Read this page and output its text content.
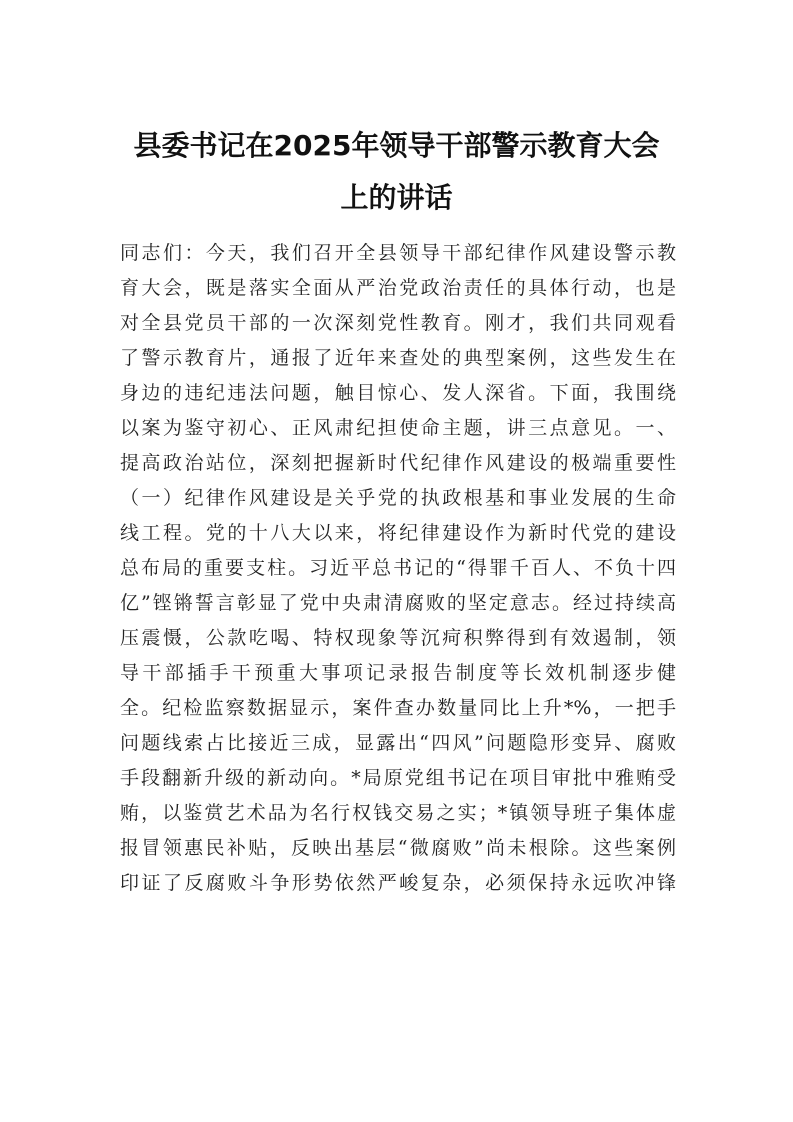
县委书记在2025年领导干部警示教育大会
上的讲话
同志们：今天，我们召开全县领导干部纪律作风建设警示教
育大会，既是落实全面从严治党政治责任的具体行动，也是
对全县党员干部的一次深刻党性教育。刚才，我们共同观看
了警示教育片，通报了近年来查处的典型案例，这些发生在
身边的违纪违法问题，触目惊心、发人深省。下面，我围绕
以案为鉴守初心、正风肃纪担使命主题，讲三点意见。一、
提高政治站位，深刻把握新时代纪律作风建设的极端重要性
（一）纪律作风建设是关乎党的执政根基和事业发展的生命
线工程。党的十八大以来，将纪律建设作为新时代党的建设
总布局的重要支柱。习近平总书记的“得罪千百人、不负十四
亿”铿锵誓言彰显了党中央肃清腐败的坚定意志。经过持续高
压震慑，公款吃喝、特权现象等沉疴积弊得到有效遏制，领
导干部插手干预重大事项记录报告制度等长效机制逐步健
全。纪检监察数据显示，案件查办数量同比上升*%，一把手
问题线索占比接近三成，显露出“四风”问题隐形变异、腐败
手段翻新升级的新动向。*局原党组书记在项目审批中雅贿受
贿，以鉴赏艺术品为名行权钱交易之实；*镇领导班子集体虚
报冒领惠民补贴，反映出基层“微腐败”尚未根除。这些案例
印证了反腐败斗争形势依然严峻复杂，必须保持永远吹冲锋
